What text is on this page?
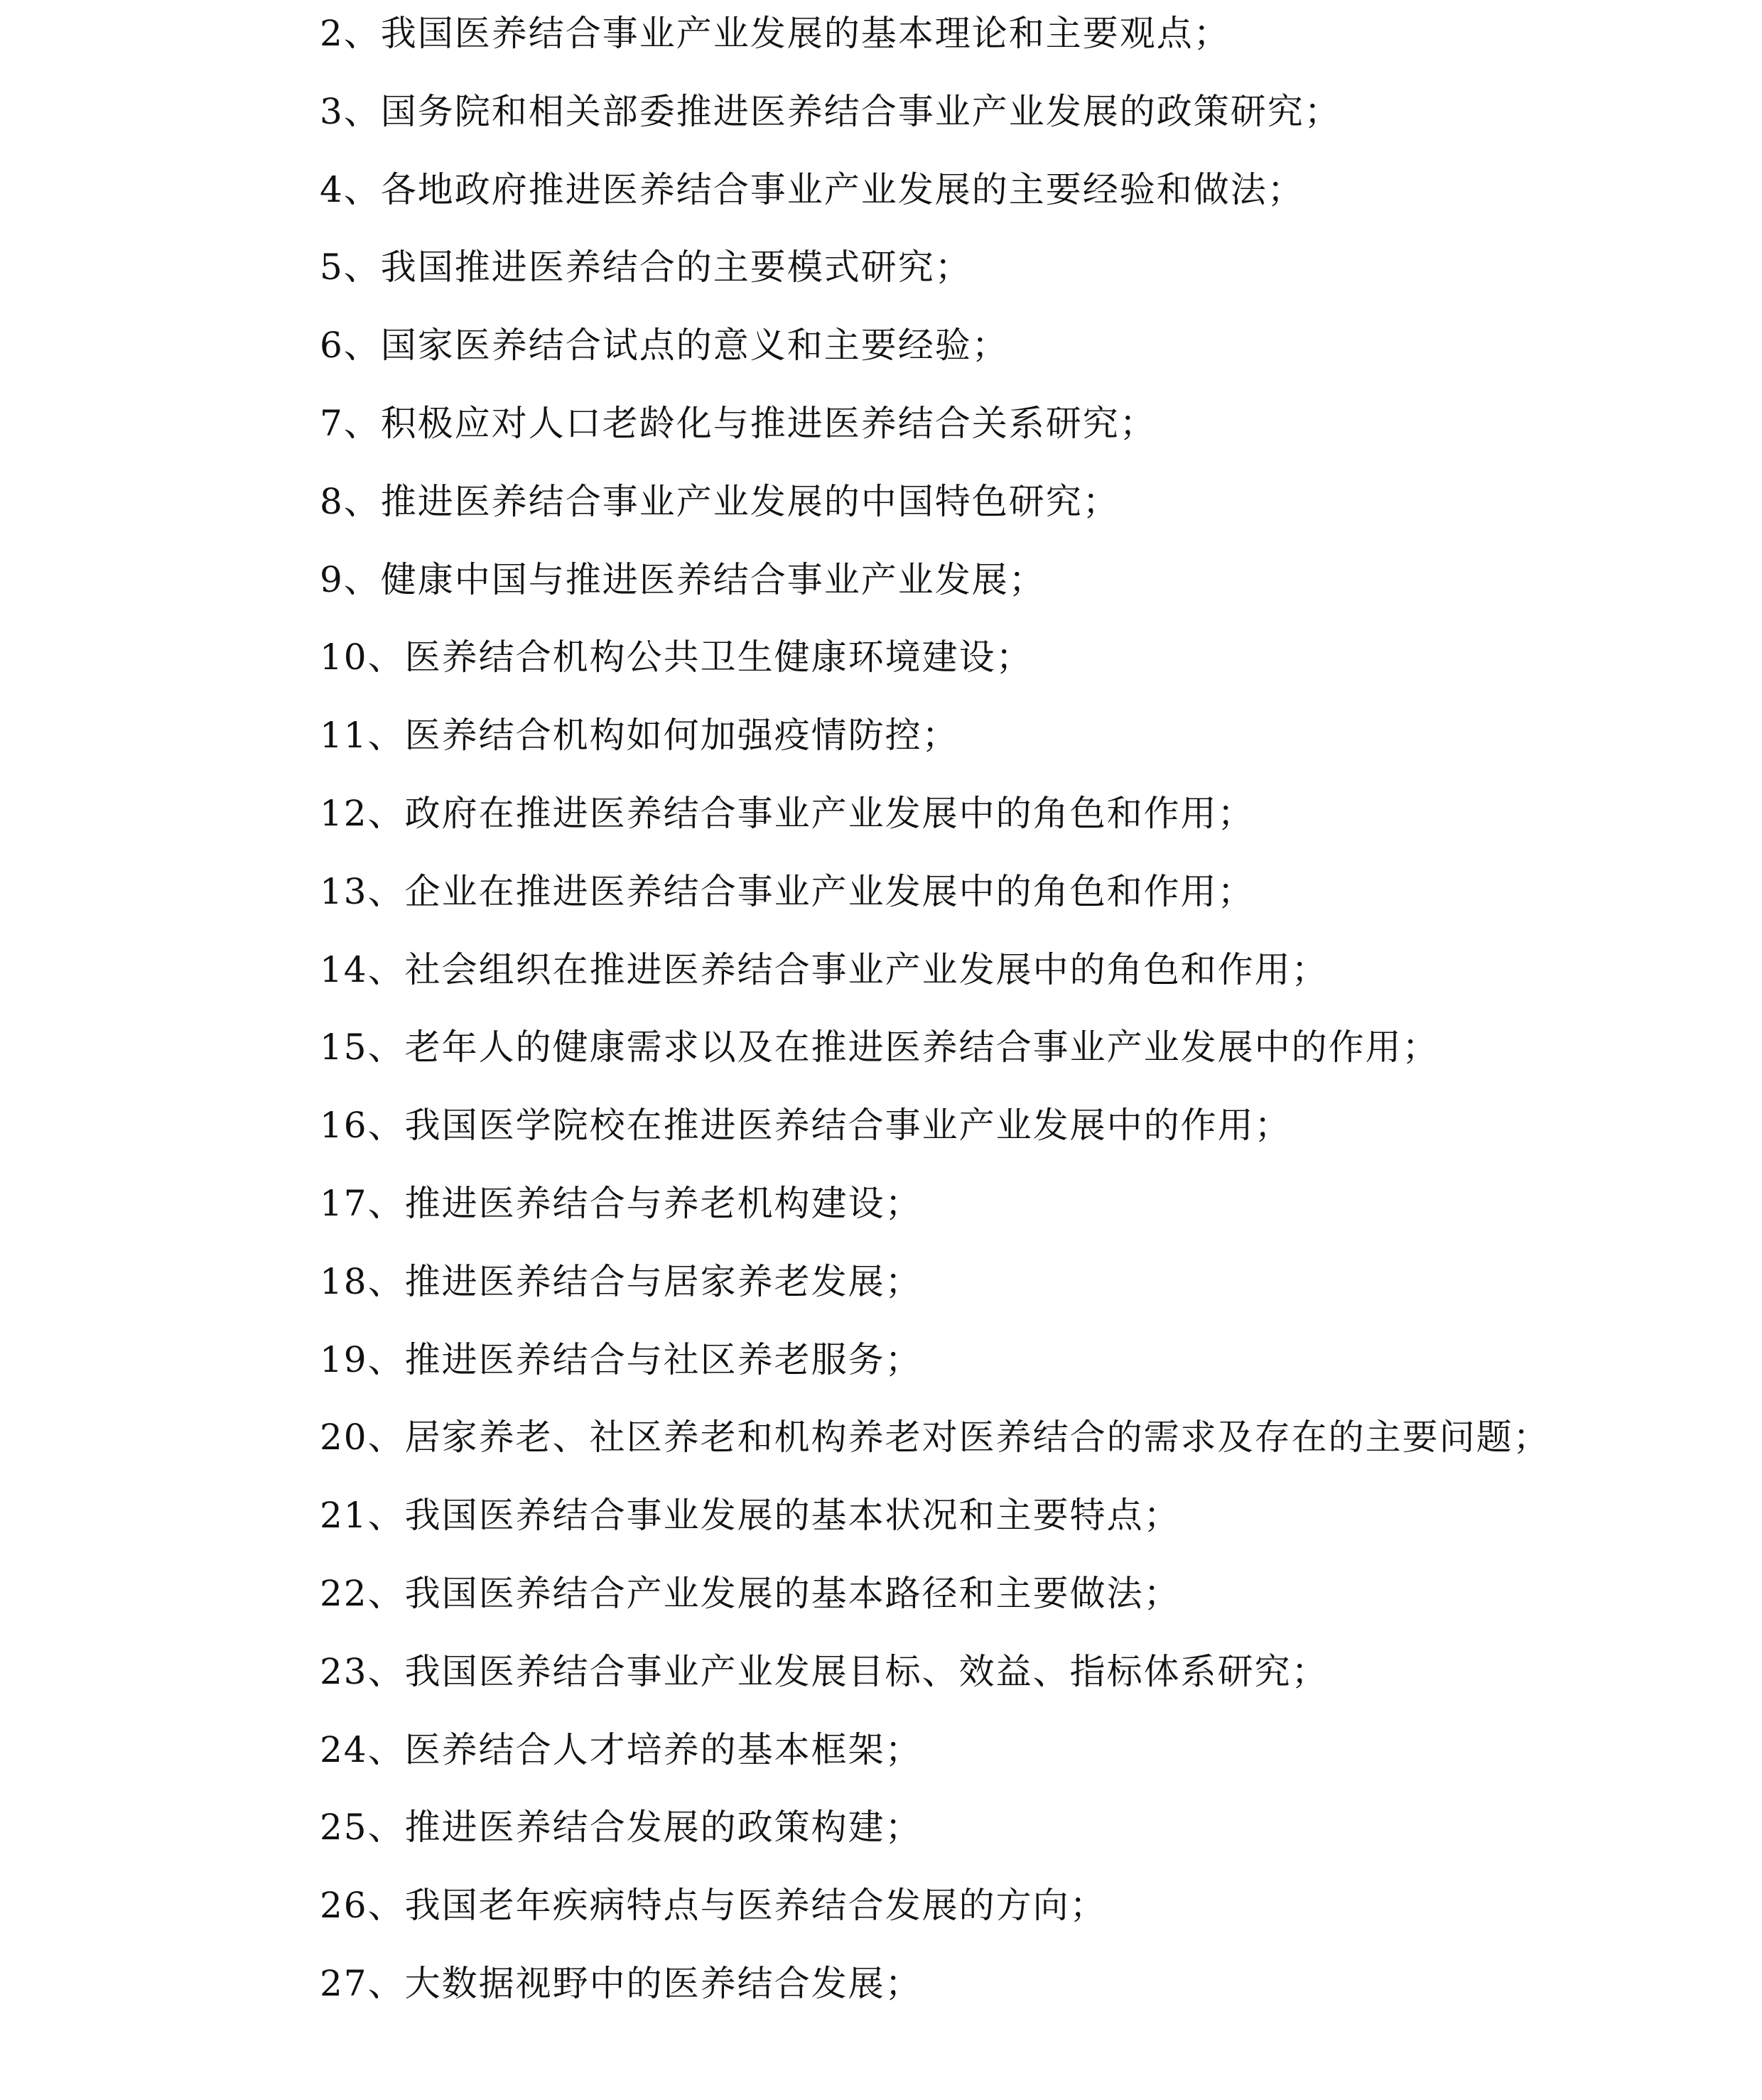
2、我国医养结合事业产业发展的基本理论和主要观点；
3、国务院和相关部委推进医养结合事业产业发展的政策研究；
4、各地政府推进医养结合事业产业发展的主要经验和做法；
5、我国推进医养结合的主要模式研究；
6、国家医养结合试点的意义和主要经验；
7、积极应对人口老龄化与推进医养结合关系研究；
8、推进医养结合事业产业发展的中国特色研究；
9、健康中国与推进医养结合事业产业发展；
10、医养结合机构公共卫生健康环境建设；
11、医养结合机构如何加强疫情防控；
12、政府在推进医养结合事业产业发展中的角色和作用；
13、企业在推进医养结合事业产业发展中的角色和作用；
14、社会组织在推进医养结合事业产业发展中的角色和作用；
15、老年人的健康需求以及在推进医养结合事业产业发展中的作用；
16、我国医学院校在推进医养结合事业产业发展中的作用；
17、推进医养结合与养老机构建设；
18、推进医养结合与居家养老发展；
19、推进医养结合与社区养老服务；
20、居家养老、社区养老和机构养老对医养结合的需求及存在的主要问题；
21、我国医养结合事业发展的基本状况和主要特点；
22、我国医养结合产业发展的基本路径和主要做法；
23、我国医养结合事业产业发展目标、效益、指标体系研究；
24、医养结合人才培养的基本框架；
25、推进医养结合发展的政策构建；
26、我国老年疾病特点与医养结合发展的方向；
27、大数据视野中的医养结合发展；
